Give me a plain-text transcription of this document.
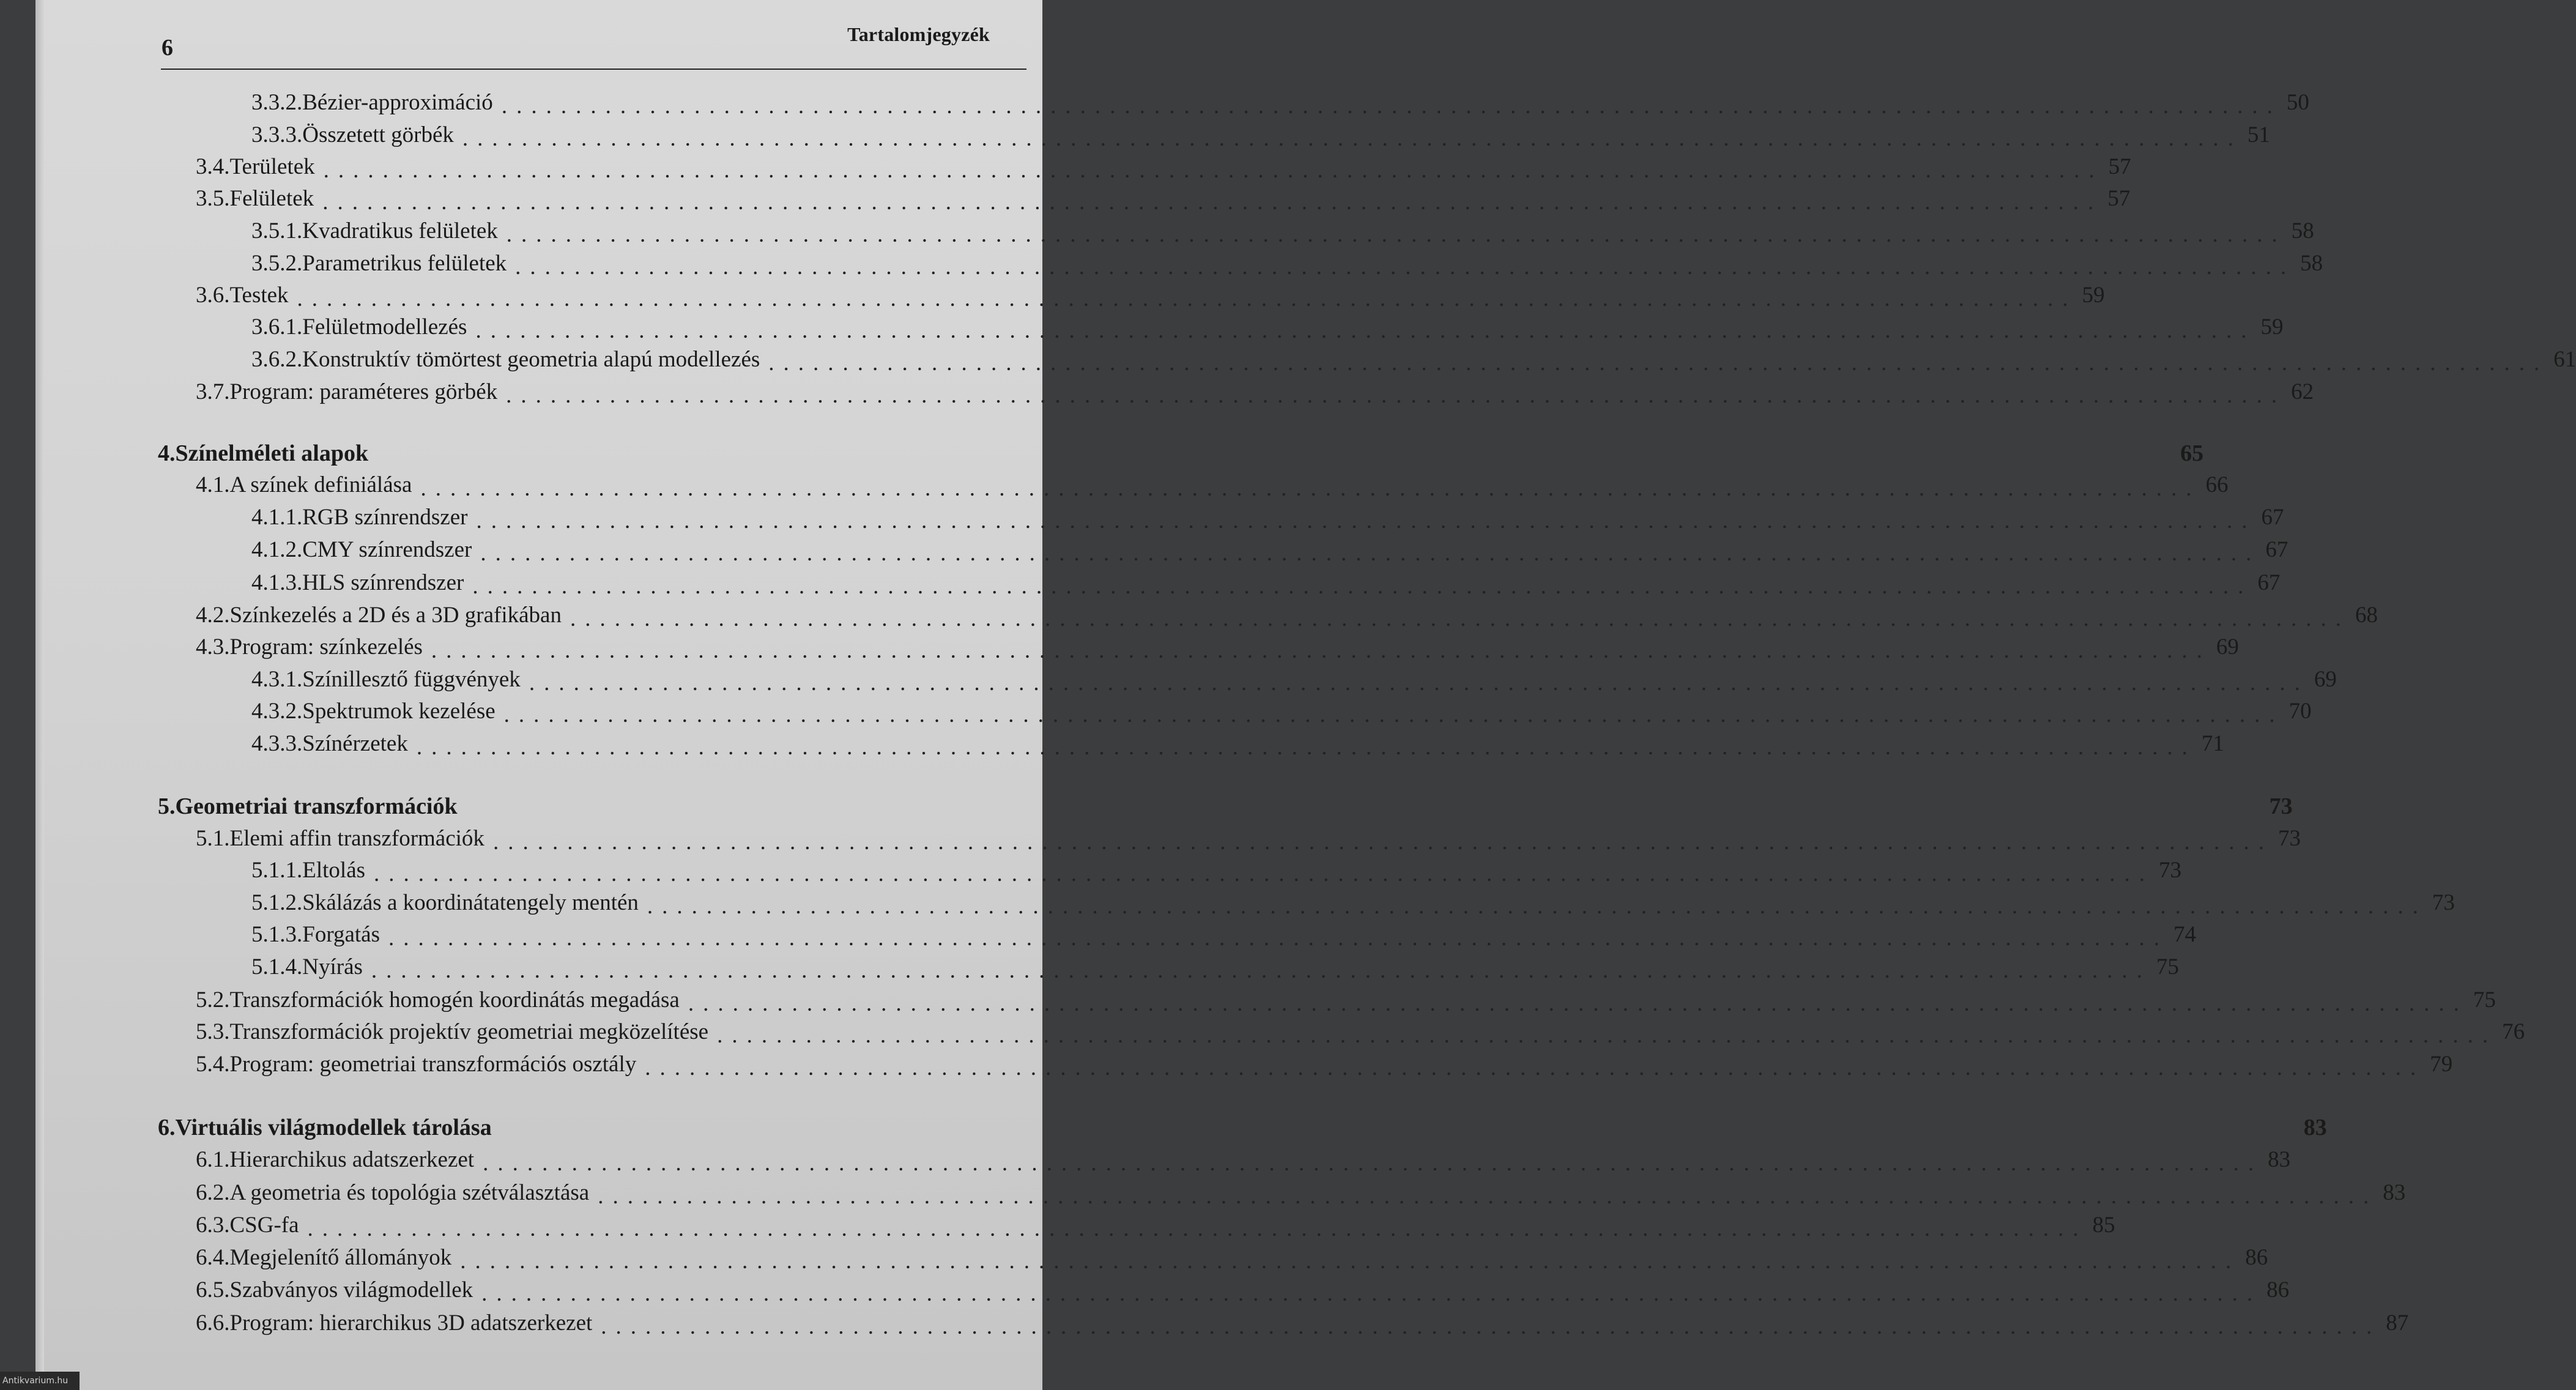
6
Tartalomjegyzék
3.3.2. Bézier-approximáció ........................................................................................................................ 50
3.3.3. Összetett görbék ........................................................................................................................ 51
3.4. Területek ........................................................................................................................ 57
3.5. Felületek ........................................................................................................................ 57
3.5.1. Kvadratikus felületek ........................................................................................................................ 58
3.5.2. Parametrikus felületek ........................................................................................................................ 58
3.6. Testek ........................................................................................................................ 59
3.6.1. Felületmodellezés ........................................................................................................................ 59
3.6.2. Konstruktív tömörtest geometria alapú modellezés ........................................................................................................................ 61
3.7. Program: paraméteres görbék ........................................................................................................................ 62
4. Színelméleti alapok	65
4.1. A színek definiálása ........................................................................................................................ 66
4.1.1. RGB színrendszer ........................................................................................................................ 67
4.1.2. CMY színrendszer ........................................................................................................................ 67
4.1.3. HLS színrendszer ........................................................................................................................ 67
4.2. Színkezelés a 2D és a 3D grafikában ........................................................................................................................ 68
4.3. Program: színkezelés ........................................................................................................................ 69
4.3.1. Színillesztő függvények ........................................................................................................................ 69
4.3.2. Spektrumok kezelése ........................................................................................................................ 70
4.3.3. Színérzetek ........................................................................................................................ 71
5. Geometriai transzformációk	73
5.1. Elemi affin transzformációk ........................................................................................................................ 73
5.1.1. Eltolás ........................................................................................................................ 73
5.1.2. Skálázás a koordinátatengely mentén ........................................................................................................................ 73
5.1.3. Forgatás ........................................................................................................................ 74
5.1.4. Nyírás ........................................................................................................................ 75
5.2. Transzformációk homogén koordinátás megadása ........................................................................................................................ 75
5.3. Transzformációk projektív geometriai megközelítése ........................................................................................................................ 76
5.4. Program: geometriai transzformációs osztály ........................................................................................................................ 79
6. Virtuális világmodellek tárolása	83
6.1. Hierarchikus adatszerkezet ........................................................................................................................ 83
6.2. A geometria és topológia szétválasztása ........................................................................................................................ 83
6.3. CSG-fa ........................................................................................................................ 85
6.4. Megjelenítő állományok ........................................................................................................................ 86
6.5. Szabványos világmodellek ........................................................................................................................ 86
6.6. Program: hierarchikus 3D adatszerkezet ........................................................................................................................ 87
Antikvarium.hu
